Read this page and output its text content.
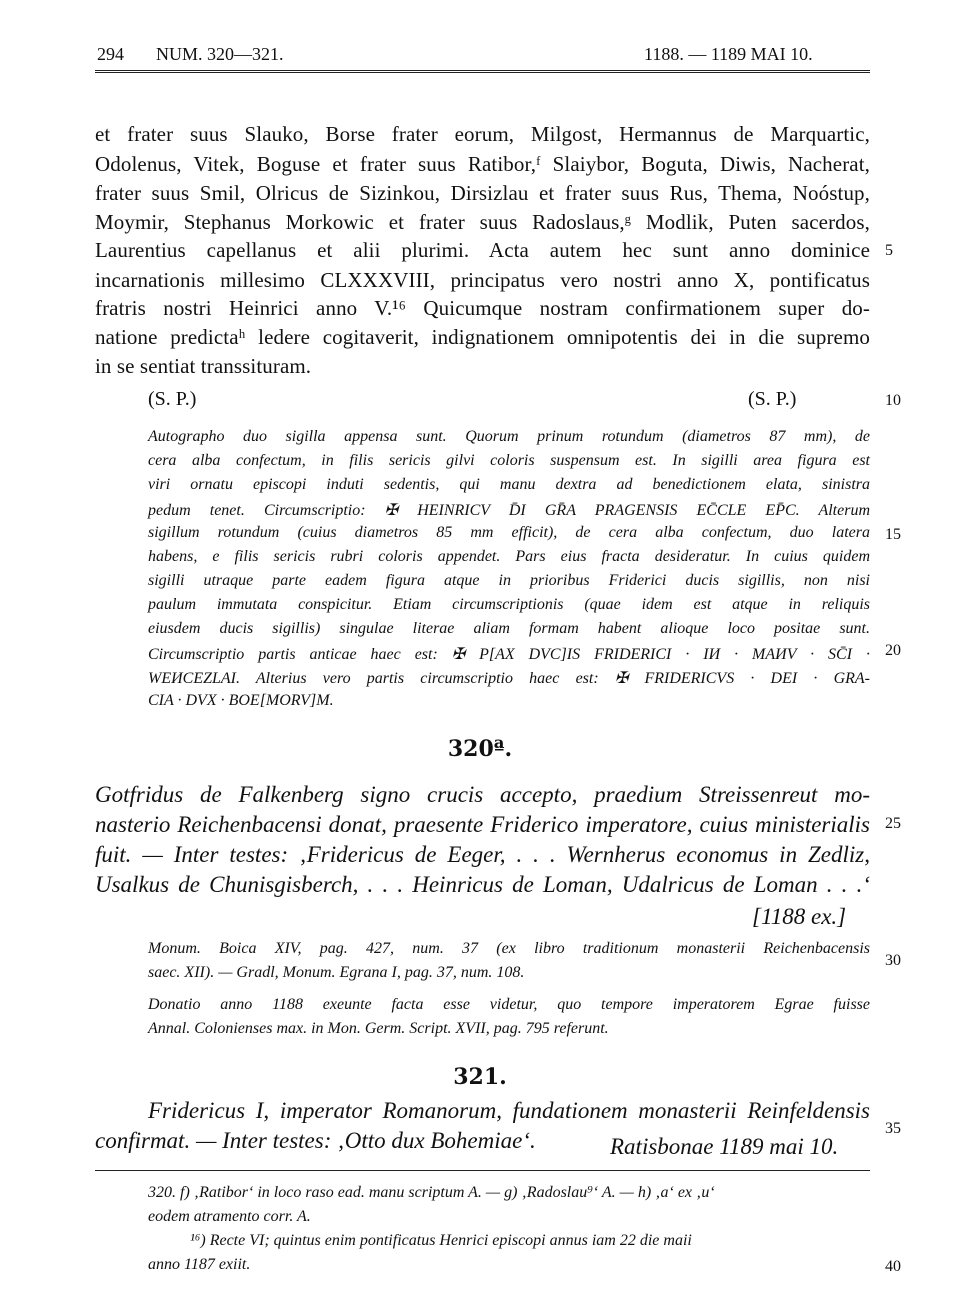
294 NUM. 320—321.	1188. — 1189 MAI 10.
et frater suus Slauko, Borse frater eorum, Milgost, Hermannus de Marquartic,
Odolenus, Vitek, Boguse et frater suus Ratibor,ᶠ Slaiybor, Boguta, Diwis, Nacherat,
frater suus Smil, Olricus de Sizinkou, Dirsizlau et frater suus Rus, Thema, Noóstup,
Moymir, Stephanus Morkowic et frater suus Radoslaus,ᵍ Modlik, Puten sacerdos,
Laurentius capellanus et alii plurimi. Acta autem hec sunt anno dominice
incarnationis millesimo CLXXXVIII, principatus vero nostri anno X, pontificatus
fratris nostri Heinrici anno V.¹⁶ Quicumque nostram confirmationem super do-
natione predictaʰ ledere cogitaverit, indignationem omnipotentis dei in die supremo
in se sentiat transsituram.
(S. P.)	(S. P.)
Autographo duo sigilla appensa sunt. Quorum prinum rotundum (diametros 87 mm), de
cera alba confectum, in filis sericis gilvi coloris suspensum est. In sigilli area figura est
viri ornatu episcopi induti sedentis, qui manu dextra ad benedictionem elata, sinistra
pedum tenet. Circumscriptio: ✠ HEINRICV D̄I GR̄A PRAGENSIS EC̄CLE EP̄C. Alterum
sigillum rotundum (cuius diametros 85 mm efficit), de cera alba confectum, duo latera
habens, e filis sericis rubri coloris appendet. Pars eius fracta desideratur. In cuius quidem
sigilli utraque parte eadem figura atque in prioribus Friderici ducis sigillis, non nisi
paulum immutata conspicitur. Etiam circumscriptionis (quae idem est atque in reliquis
eiusdem ducis sigillis) singulae literae aliam formam habent alioque loco positae sunt.
Circumscriptio partis anticae haec est: ✠ P[AX DVC]IS FRIDERICI · IИ · MAИV · SC̄I ·
WEИCEZLAI. Alterius vero partis circumscriptio haec est: ✠ FRIDERICVS · DEI · GRA-
CIA · DVX · BOE[MORV]M.
320ª.
Gotfridus de Falkenberg signo crucis accepto, praedium Streissenreut mo-
nasterio Reichenbacensi donat, praesente Friderico imperatore, cuius ministerialis
fuit. — Inter testes: ‚Fridericus de Eeger, . . . Wernherus economus in Zedliz,
Usalkus de Chunisgisberch, . . . Heinricus de Loman, Udalricus de Loman . . .‘
[1188 ex.]
Monum. Boica XIV, pag. 427, num. 37 (ex libro traditionum monasterii Reichenbacensis
saec. XII). — Gradl, Monum. Egrana I, pag. 37, num. 108.
Donatio anno 1188 exeunte facta esse videtur, quo tempore imperatorem Egrae fuisse
Annal. Colonienses max. in Mon. Germ. Script. XVII, pag. 795 referunt.
321.
Fridericus I, imperator Romanorum, fundationem monasterii Reinfeldensis
confirmat. — Inter testes: ‚Otto dux Bohemiae‘.	Ratisbonae 1189 mai 10.
320. f) ‚Ratibor‘ in loco raso ead. manu scriptum A. — g) ‚Radoslau⁹‘ A. — h) ‚a‘ ex ‚u‘
eodem atramento corr. A.
¹⁶) Recte VI; quintus enim pontificatus Henrici episcopi annus iam 22 die maii
anno 1187 exiit.
5
10
15
20
25
30
35
40
